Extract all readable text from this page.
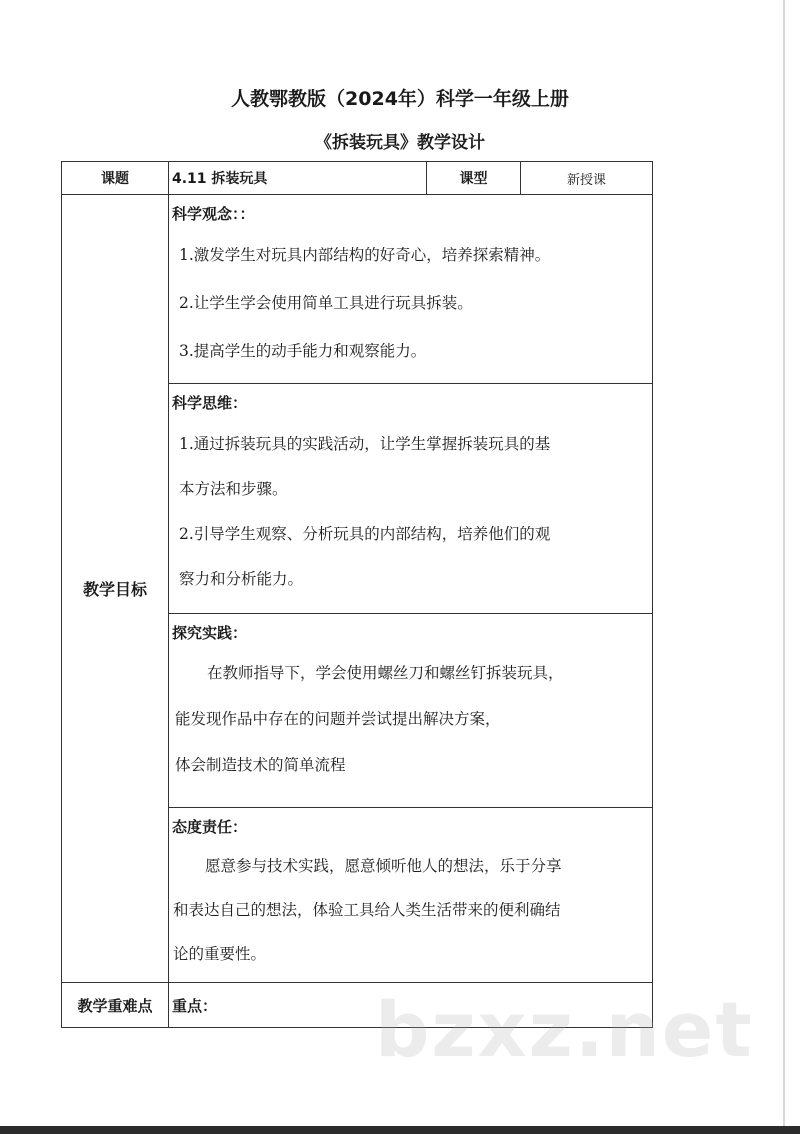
人教鄂教版（2024年）科学一年级上册
《拆装玩具》教学设计
课题	4.11 拆装玩具	课型	新授课
教学目标	科学观念：：
1.激发学生对玩具内部结构的好奇心，培养探索精神。
2.让学生学会使用简单工具进行玩具拆装。
3.提高学生的动手能力和观察能力。		

	科学思维：
1.通过拆装玩具的实践活动，让学生掌握拆装玩具的基
本方法和步骤。
2.引导学生观察、分析玩具的内部结构，培养他们的观
察力和分析能力。		

	探究实践：
在教师指导下，学会使用螺丝刀和螺丝钉拆装玩具，
能发现作品中存在的问题并尝试提出解决方案，
体会制造技术的简单流程		

	态度责任：
愿意参与技术实践，愿意倾听他人的想法，乐于分享
和表达自己的想法，体验工具给人类生活带来的便利确结
论的重要性。		

教学重难点	重点：		bzxz.net
